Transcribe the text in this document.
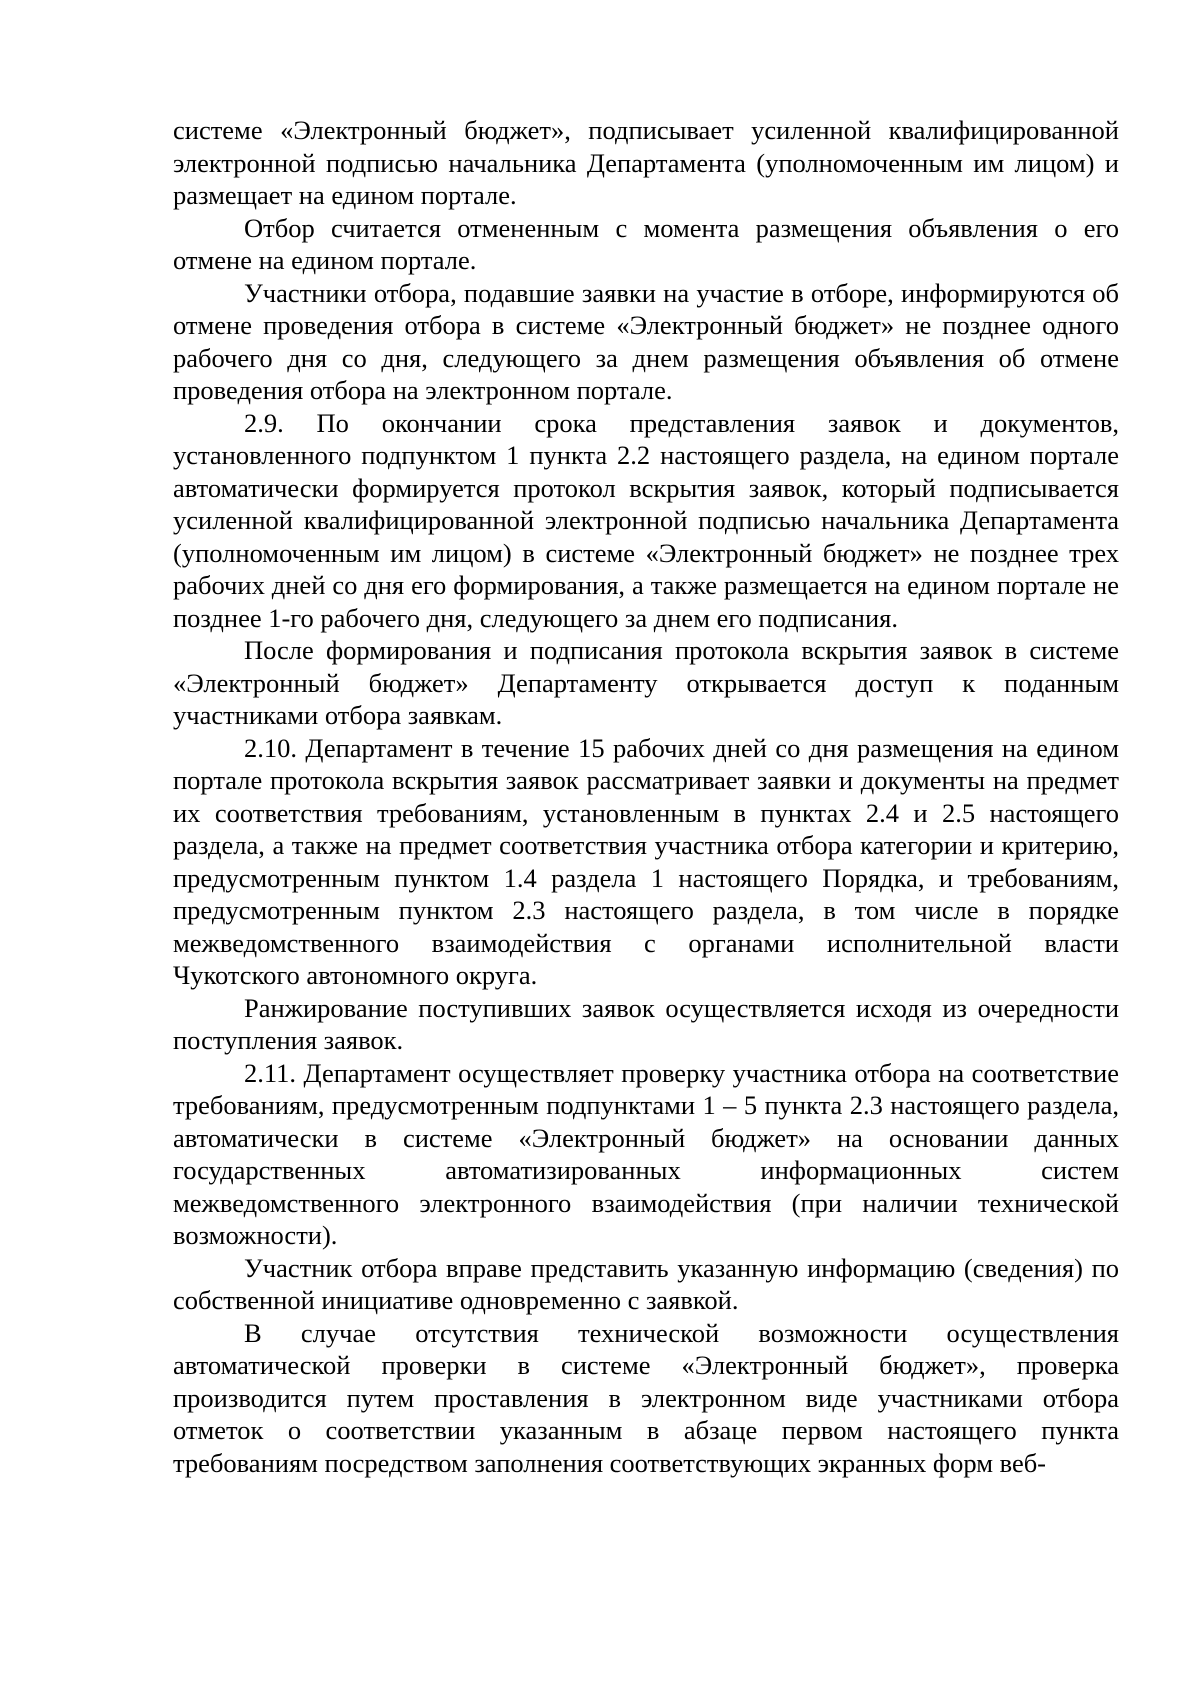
системе «Электронный бюджет», подписывает усиленной квалифицированной электронной подписью начальника Департамента (уполномоченным им лицом) и размещает на едином портале.

Отбор считается отмененным с момента размещения объявления о его отмене на едином портале.

Участники отбора, подавшие заявки на участие в отборе, информируются об отмене проведения отбора в системе «Электронный бюджет» не позднее одного рабочего дня со дня, следующего за днем размещения объявления об отмене проведения отбора на электронном портале.

2.9. По окончании срока представления заявок и документов, установленного подпунктом 1 пункта 2.2 настоящего раздела, на едином портале автоматически формируется протокол вскрытия заявок, который подписывается усиленной квалифицированной электронной подписью начальника Департамента (уполномоченным им лицом) в системе «Электронный бюджет» не позднее трех рабочих дней со дня его формирования, а также размещается на едином портале не позднее 1-го рабочего дня, следующего за днем его подписания.

После формирования и подписания протокола вскрытия заявок в системе «Электронный бюджет» Департаменту открывается доступ к поданным участниками отбора заявкам.

2.10. Департамент в течение 15 рабочих дней со дня размещения на едином портале протокола вскрытия заявок рассматривает заявки и документы на предмет их соответствия требованиям, установленным в пунктах 2.4 и 2.5 настоящего раздела, а также на предмет соответствия участника отбора категории и критерию, предусмотренным пунктом 1.4 раздела 1 настоящего Порядка, и требованиям, предусмотренным пунктом 2.3 настоящего раздела, в том числе в порядке межведомственного взаимодействия с органами исполнительной власти Чукотского автономного округа.

Ранжирование поступивших заявок осуществляется исходя из очередности поступления заявок.

2.11. Департамент осуществляет проверку участника отбора на соответствие требованиям, предусмотренным подпунктами 1 – 5 пункта 2.3 настоящего раздела, автоматически в системе «Электронный бюджет» на основании данных государственных автоматизированных информационных систем межведомственного электронного взаимодействия (при наличии технической возможности).

Участник отбора вправе представить указанную информацию (сведения) по собственной инициативе одновременно с заявкой.

В случае отсутствия технической возможности осуществления автоматической проверки в системе «Электронный бюджет», проверка производится путем проставления в электронном виде участниками отбора отметок о соответствии указанным в абзаце первом настоящего пункта требованиям посредством заполнения соответствующих экранных форм веб-
